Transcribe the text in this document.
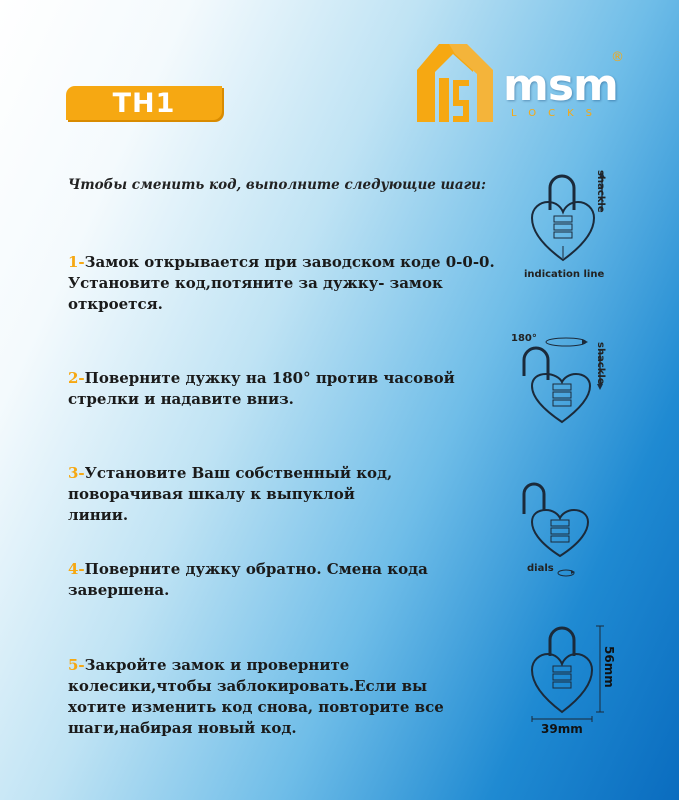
TH1	msm
LOCKS
®
Чтобы сменить код, выполните следующие шаги:
1-Замок открывается при заводском коде 0-0-0. Установите код,потяните за дужку- замок откроется.
2-Поверните дужку на 180° против часовой стрелки и надавите вниз.
3-Установите Ваш собственный код, поворачивая шкалу к выпуклой линии.
4-Поверните дужку обратно. Смена кода завершена.
5-Закройте замок и проверните колесики,чтобы заблокировать.Если вы хотите изменить код снова, повторите все шаги,набирая новый код.
shackle
indication line
180°
shackle
dials
56mm
39mm
